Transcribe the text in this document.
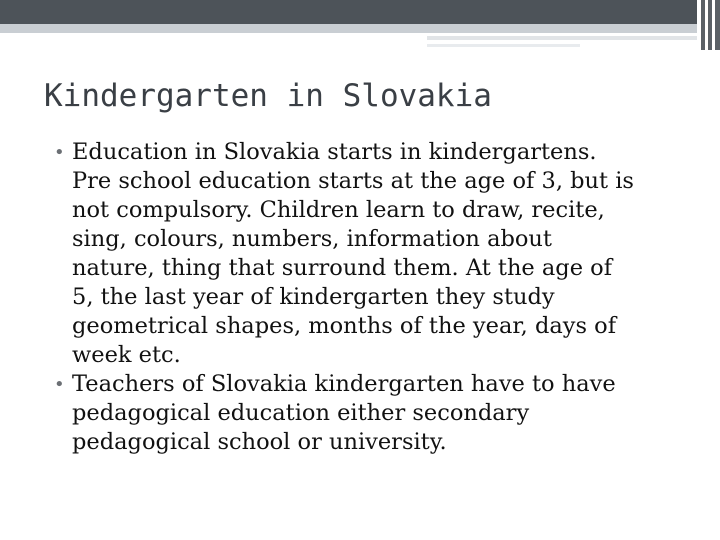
Kindergarten in Slovakia
• Education in Slovakia starts in kindergartens.
Pre school education starts at the age of 3, but is
not compulsory. Children learn to draw, recite,
sing, colours, numbers, information about
nature, thing that surround them. At the age of
5, the last year of kindergarten they study
geometrical shapes, months of the year, days of
week etc.
• Teachers of Slovakia kindergarten have to have
pedagogical education either secondary
pedagogical school or university.
